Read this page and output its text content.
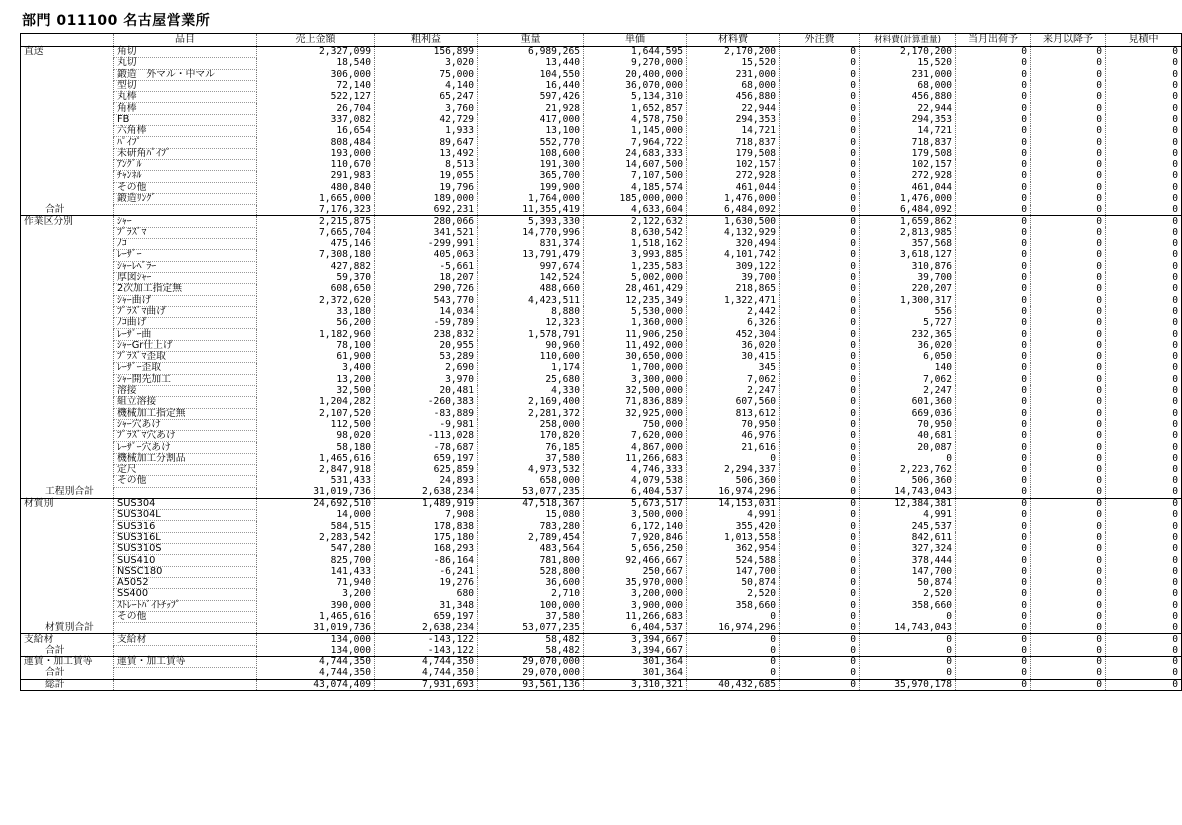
部門 011100 名古屋営業所
	品目	売上金額	粗利益	重量	単価	材料費	外注費	材料費(計算重量)	当月出荷予	来月以降予	見積中
直送	角切	2,327,099	156,899	6,989,265	1,644,595	2,170,200	0	2,170,200	0	0	0
	丸切	18,540	3,020	13,440	9,270,000	15,520	0	15,520	0	0	0
	鍛造　外マル・中マル	306,000	75,000	104,550	20,400,000	231,000	0	231,000	0	0	0
	型切	72,140	4,140	16,440	36,070,000	68,000	0	68,000	0	0	0
	丸棒	522,127	65,247	597,426	5,134,310	456,880	0	456,880	0	0	0
	角棒	26,704	3,760	21,928	1,652,857	22,944	0	22,944	0	0	0
	FB	337,082	42,729	417,000	4,578,750	294,353	0	294,353	0	0	0
	六角棒	16,654	1,933	13,100	1,145,000	14,721	0	14,721	0	0	0
	ﾊﾟｲﾌﾟ	808,484	89,647	552,770	7,964,722	718,837	0	718,837	0	0	0
	未研角ﾊﾟｲﾌﾟ	193,000	13,492	108,600	24,683,333	179,508	0	179,508	0	0	0
	ｱﾝｸﾞﾙ	110,670	8,513	191,300	14,607,500	102,157	0	102,157	0	0	0
	ﾁｬﾝﾈﾙ	291,983	19,055	365,700	7,107,500	272,928	0	272,928	0	0	0
	その他	480,840	19,796	199,900	4,185,574	461,044	0	461,044	0	0	0
	鍛造ﾘﾝｸﾞ	1,665,000	189,000	1,764,000	185,000,000	1,476,000	0	1,476,000	0	0	0
合計		7,176,323	692,231	11,355,419	4,633,604	6,484,092	0	6,484,092	0	0	0
作業区分別	ｼｬｰ	2,215,875	280,066	5,393,330	2,122,632	1,630,500	0	1,659,862	0	0	0
	ﾌﾟﾗｽﾞﾏ	7,665,704	341,521	14,770,996	8,630,542	4,132,929	0	2,813,985	0	0	0
	ﾉｺ	475,146	-299,991	831,374	1,518,162	320,494	0	357,568	0	0	0
	ﾚｰｻﾞｰ	7,308,180	405,063	13,791,479	3,993,885	4,101,742	0	3,618,127	0	0	0
	ｼｬｰﾚﾍﾞﾗｰ	427,882	-5,661	997,674	1,235,583	309,122	0	310,876	0	0	0
	厚図ｼｬｰ	59,370	18,207	142,524	5,002,000	39,700	0	39,700	0	0	0
	2次加工指定無	608,650	290,726	488,660	28,461,429	218,865	0	220,207	0	0	0
	ｼｬｰ曲げ	2,372,620	543,770	4,423,511	12,235,349	1,322,471	0	1,300,317	0	0	0
	ﾌﾟﾗｽﾞﾏ曲げ	33,180	14,034	8,880	5,530,000	2,442	0	556	0	0	0
	ﾉｺ曲げ	56,200	-59,789	12,323	1,360,000	6,326	0	5,727	0	0	0
	ﾚｰｻﾞｰ曲	1,182,960	238,832	1,578,791	11,906,250	452,304	0	232,365	0	0	0
	ｼｬｰGr仕上げ	78,100	20,955	90,960	11,492,000	36,020	0	36,020	0	0	0
	ﾌﾟﾗｽﾞﾏ歪取	61,900	53,289	110,600	30,650,000	30,415	0	6,050	0	0	0
	ﾚｰｻﾞｰ歪取	3,400	2,690	1,174	1,700,000	345	0	140	0	0	0
	ｼｬｰ開先加工	13,200	3,970	25,680	3,300,000	7,062	0	7,062	0	0	0
	溶接	32,500	20,481	4,330	32,500,000	2,247	0	2,247	0	0	0
	組立溶接	1,204,282	-260,383	2,169,400	71,836,889	607,560	0	601,360	0	0	0
	機械加工指定無	2,107,520	-83,889	2,281,372	32,925,000	813,612	0	669,036	0	0	0
	ｼｬｰ穴あけ	112,500	-9,981	258,000	750,000	70,950	0	70,950	0	0	0
	ﾌﾟﾗｽﾞﾏ穴あけ	98,020	-113,028	170,820	7,620,000	46,976	0	40,681	0	0	0
	ﾚｰｻﾞｰ穴あけ	58,180	-78,687	76,185	4,867,000	21,616	0	20,087	0	0	0
	機械加工分割品	1,465,616	659,197	37,580	11,266,683	0	0	0	0	0	0
	定尺	2,847,918	625,859	4,973,532	4,746,333	2,294,337	0	2,223,762	0	0	0
	その他	531,433	24,893	658,000	4,079,538	506,360	0	506,360	0	0	0
工程別合計		31,019,736	2,638,234	53,077,235	6,404,537	16,974,296	0	14,743,043	0	0	0
材質別	SUS304	24,692,510	1,489,919	47,518,367	5,673,517	14,153,031	0	12,384,381	0	0	0
	SUS304L	14,000	7,908	15,080	3,500,000	4,991	0	4,991	0	0	0
	SUS316	584,515	178,838	783,280	6,172,140	355,420	0	245,537	0	0	0
	SUS316L	2,283,542	175,180	2,789,454	7,920,846	1,013,558	0	842,611	0	0	0
	SUS310S	547,280	168,293	483,564	5,656,250	362,954	0	327,324	0	0	0
	SUS410	825,700	-86,164	781,800	92,466,667	524,588	0	378,444	0	0	0
	NSSC180	141,433	-6,241	528,800	250,667	147,700	0	147,700	0	0	0
	A5052	71,940	19,276	36,600	35,970,000	50,874	0	50,874	0	0	0
	SS400	3,200	680	2,710	3,200,000	2,520	0	2,520	0	0	0
	ｽﾄﾚｰﾄﾊﾞｲﾄﾁｯﾌﾟ	390,000	31,348	100,000	3,900,000	358,660	0	358,660	0	0	0
	その他	1,465,616	659,197	37,580	11,266,683	0	0	0	0	0	0
材質別合計		31,019,736	2,638,234	53,077,235	6,404,537	16,974,296	0	14,743,043	0	0	0
支給材	支給材	134,000	-143,122	58,482	3,394,667	0	0	0	0	0	0
合計		134,000	-143,122	58,482	3,394,667	0	0	0	0	0	0
運賃・加工賃等	運賃・加工賃等	4,744,350	4,744,350	29,070,000	301,364	0	0	0	0	0	0
合計		4,744,350	4,744,350	29,070,000	301,364	0	0	0	0	0	0
総計		43,074,409	7,931,693	93,561,136	3,310,321	40,432,685	0	35,970,178	0	0	0
